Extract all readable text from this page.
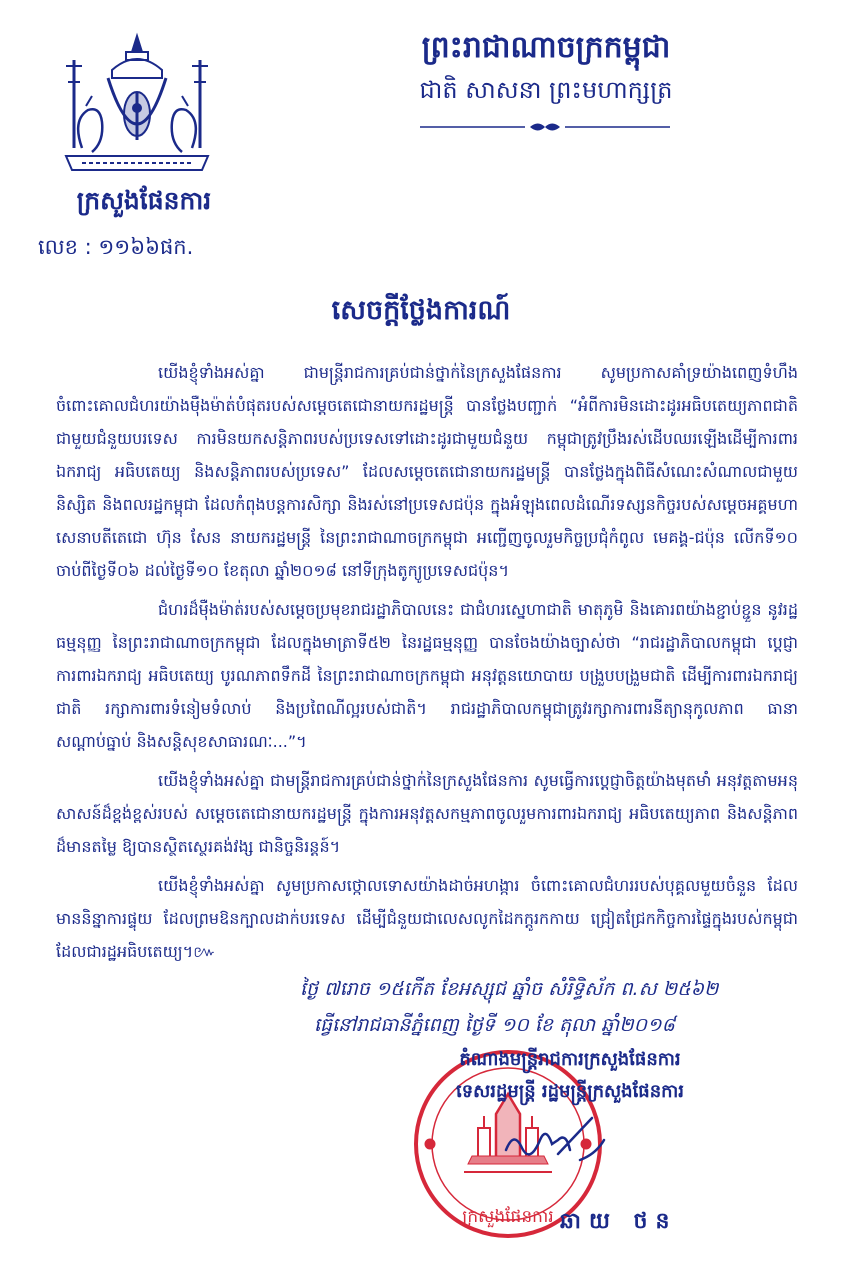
ព្រះរាជាណាចក្រកម្ពុជា
ជាតិ សាសនា ព្រះមហាក្សត្រ
ក្រសួងផែនការ
លេខ : ១១៦៦ផក.
សេចក្តីថ្លែងការណ៍

យើងខ្ញុំទាំងអស់គ្នា ជាមន្ត្រីរាជការគ្រប់ជាន់ថ្នាក់នៃក្រសួងផែនការ សូមប្រកាសគាំទ្រយ៉ាងពេញទំហឹង ចំពោះគោលជំហរយ៉ាងម៉ឺងម៉ាត់បំផុតរបស់សម្តេចតេជោនាយករដ្ឋមន្ត្រី បានថ្លែងបញ្ជាក់ “អំពីការមិនដោះដូរអធិបតេយ្យភាពជាតិជាមួយជំនួយបរទេស ការមិនយកសន្តិភាពរបស់ប្រទេសទៅដោះដូរជាមួយជំនួយ កម្ពុជាត្រូវប្រឹងរស់ដើបឈរឡើងដើម្បីការពារឯករាជ្យ អធិបតេយ្យ និងសន្តិភាពរបស់ប្រទេស” ដែលសម្តេចតេជោនាយករដ្ឋមន្ត្រី បានថ្លែងក្នុងពិធីសំណេះសំណាលជាមួយនិស្សិត និងពលរដ្ឋកម្ពុជា ដែលកំពុងបន្តការសិក្សា និងរស់នៅប្រទេសជប៉ុន ក្នុងអំឡុងពេលដំណើរទស្សនកិច្ចរបស់សម្តេចអគ្គមហាសេនាបតីតេជោ ហ៊ុន សែន នាយករដ្ឋមន្ត្រី នៃព្រះរាជាណាចក្រកម្ពុជា អញ្ជើញចូលរួមកិច្ចប្រជុំកំពូល មេគង្គ-ជប៉ុន លើកទី១០ ចាប់ពីថ្ងៃទី០៦ ដល់ថ្ងៃទី១០ ខែតុលា ឆ្នាំ២០១៨ នៅទីក្រុងតូក្យូប្រទេសជប៉ុន។

ជំហរដ៏ម៉ឺងម៉ាត់របស់សម្តេចប្រមុខរាជរដ្ឋាភិបាលនេះ ជាជំហរស្នេហាជាតិ មាតុភូមិ និងគោរពយ៉ាងខ្ជាប់ខ្ជួន នូវរដ្ឋធម្មនុញ្ញ នៃព្រះរាជាណាចក្រកម្ពុជា ដែលក្នុងមាត្រាទី៥២ នៃរដ្ឋធម្មនុញ្ញ បានចែងយ៉ាងច្បាស់ថា “រាជរដ្ឋាភិបាលកម្ពុជា ប្តេជ្ញាការពារឯករាជ្យ អធិបតេយ្យ បូរណភាពទឹកដី នៃព្រះរាជាណាចក្រកម្ពុជា អនុវត្តនយោបាយ បង្រួបបង្រួមជាតិ ដើម្បីការពារឯករាជ្យជាតិ រក្សាការពារទំនៀមទំលាប់ និងប្រពៃណីល្អរបស់ជាតិ។ រាជរដ្ឋាភិបាលកម្ពុជាត្រូវរក្សាការពារនីត្យានុកូលភាព ធានាសណ្តាប់ធ្នាប់ និងសន្តិសុខសាធារណៈ...”។

យើងខ្ញុំទាំងអស់គ្នា ជាមន្ត្រីរាជការគ្រប់ជាន់ថ្នាក់នៃក្រសួងផែនការ សូមធ្វើការប្តេជ្ញាចិត្តយ៉ាងមុតមាំ អនុវត្តតាមអនុសាសន៍ដ៏ខ្ពង់ខ្ពស់របស់ សម្តេចតេជោនាយករដ្ឋមន្ត្រី ក្នុងការអនុវត្តសកម្មភាពចូលរួមការពារឯករាជ្យ អធិបតេយ្យភាព និងសន្តិភាពដ៏មានតម្លៃ ឱ្យបានស្ថិតស្ថេរគង់វង្ស ជានិច្ចនិរន្តន៍។

យើងខ្ញុំទាំងអស់គ្នា សូមប្រកាសថ្កោលទោសយ៉ាងដាច់អហង្ការ ចំពោះគោលជំហររបស់បុគ្គលមួយចំនួន ដែលមាននិន្នាការផ្ទុយ ដែលព្រមឱនក្បាលដាក់បរទេស ដើម្បីជំនួយជាលេសលូកដៃកក្ដូរកកាយ ជ្រៀតជ្រែកកិច្ចការផ្ទៃក្នុងរបស់កម្ពុជា ដែលជារដ្ឋអធិបតេយ្យ។៚

ថ្ងៃ ៧រោច ១៥កើត ខែអស្សុជ ឆ្នាំច សំរិទ្ធិស័ក ព.ស ២៥៦២
ធ្វើនៅរាជធានីភ្នំពេញ ថ្ងៃទី ១០ ខែ តុលា ឆ្នាំ២០១៨
ក្រសួងផែនការ
តំណាងមន្ត្រីរាជការក្រសួងផែនការ
ទេសរដ្ឋមន្ត្រី រដ្ឋមន្ត្រីក្រសួងផែនការ
ឆាយ ថន
